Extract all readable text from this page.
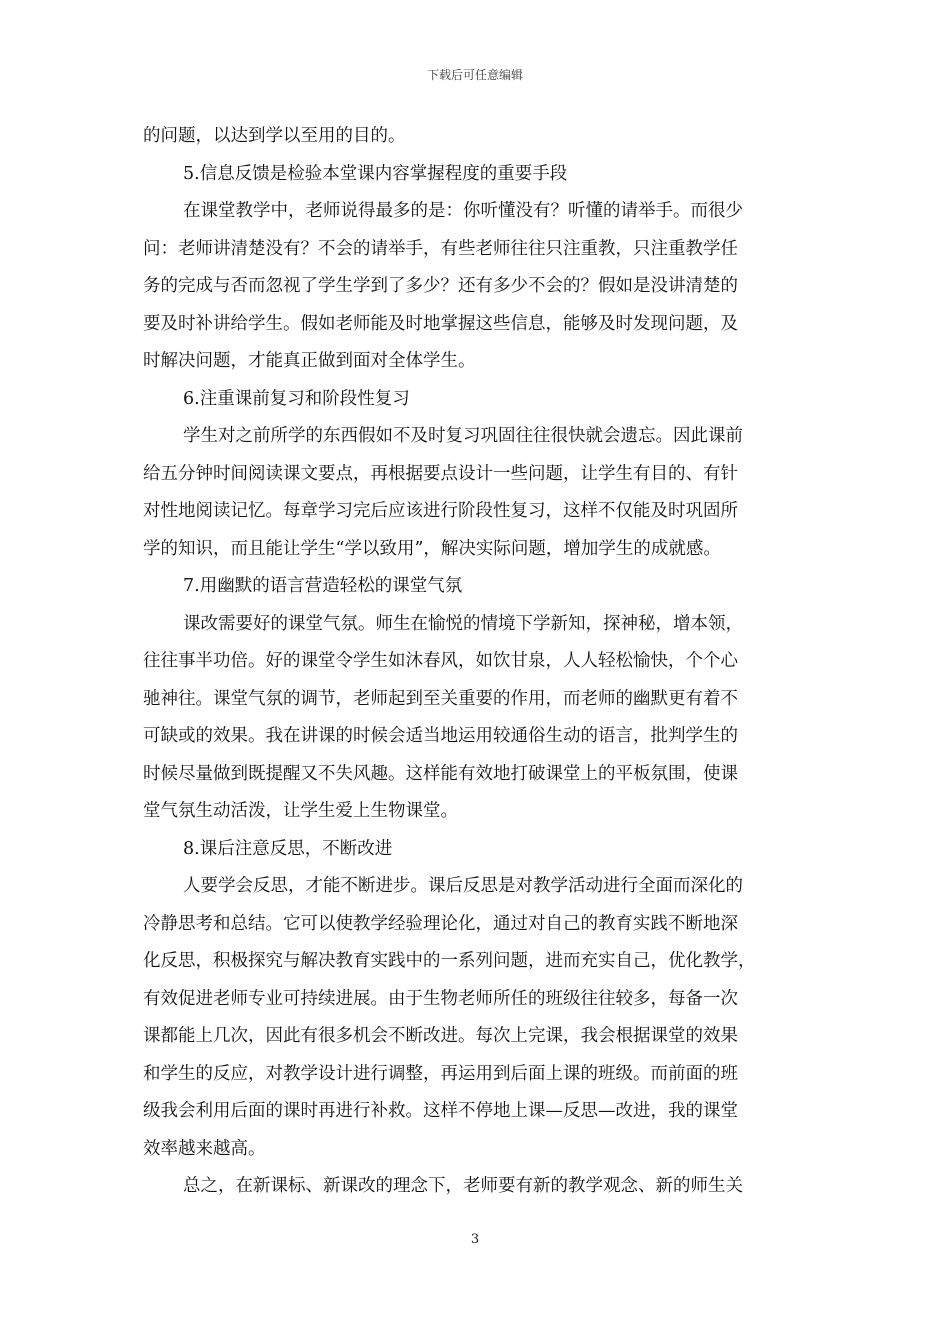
下载后可任意编辑
的问题，以达到学以至用的目的。
5.信息反馈是检验本堂课内容掌握程度的重要手段
在课堂教学中，老师说得最多的是：你听懂没有？听懂的请举手。而很少
问：老师讲清楚没有？不会的请举手，有些老师往往只注重教，只注重教学任
务的完成与否而忽视了学生学到了多少？还有多少不会的？假如是没讲清楚的
要及时补讲给学生。假如老师能及时地掌握这些信息，能够及时发现问题，及
时解决问题，才能真正做到面对全体学生。
6.注重课前复习和阶段性复习
学生对之前所学的东西假如不及时复习巩固往往很快就会遗忘。因此课前
给五分钟时间阅读课文要点，再根据要点设计一些问题，让学生有目的、有针
对性地阅读记忆。每章学习完后应该进行阶段性复习，这样不仅能及时巩固所
学的知识，而且能让学生“学以致用”，解决实际问题，增加学生的成就感。
7.用幽默的语言营造轻松的课堂气氛
课改需要好的课堂气氛。师生在愉悦的情境下学新知，探神秘，增本领，
往往事半功倍。好的课堂令学生如沐春风，如饮甘泉，人人轻松愉快，个个心
驰神往。课堂气氛的调节，老师起到至关重要的作用，而老师的幽默更有着不
可缺或的效果。我在讲课的时候会适当地运用较通俗生动的语言，批判学生的
时候尽量做到既提醒又不失风趣。这样能有效地打破课堂上的平板氛围，使课
堂气氛生动活泼，让学生爱上生物课堂。
8.课后注意反思，不断改进
人要学会反思，才能不断进步。课后反思是对教学活动进行全面而深化的
冷静思考和总结。它可以使教学经验理论化，通过对自己的教育实践不断地深
化反思，积极探究与解决教育实践中的一系列问题，进而充实自己，优化教学，
有效促进老师专业可持续进展。由于生物老师所任的班级往往较多，每备一次
课都能上几次，因此有很多机会不断改进。每次上完课，我会根据课堂的效果
和学生的反应，对教学设计进行调整，再运用到后面上课的班级。而前面的班
级我会利用后面的课时再进行补救。这样不停地上课—反思—改进，我的课堂
效率越来越高。
总之，在新课标、新课改的理念下，老师要有新的教学观念、新的师生关
3
